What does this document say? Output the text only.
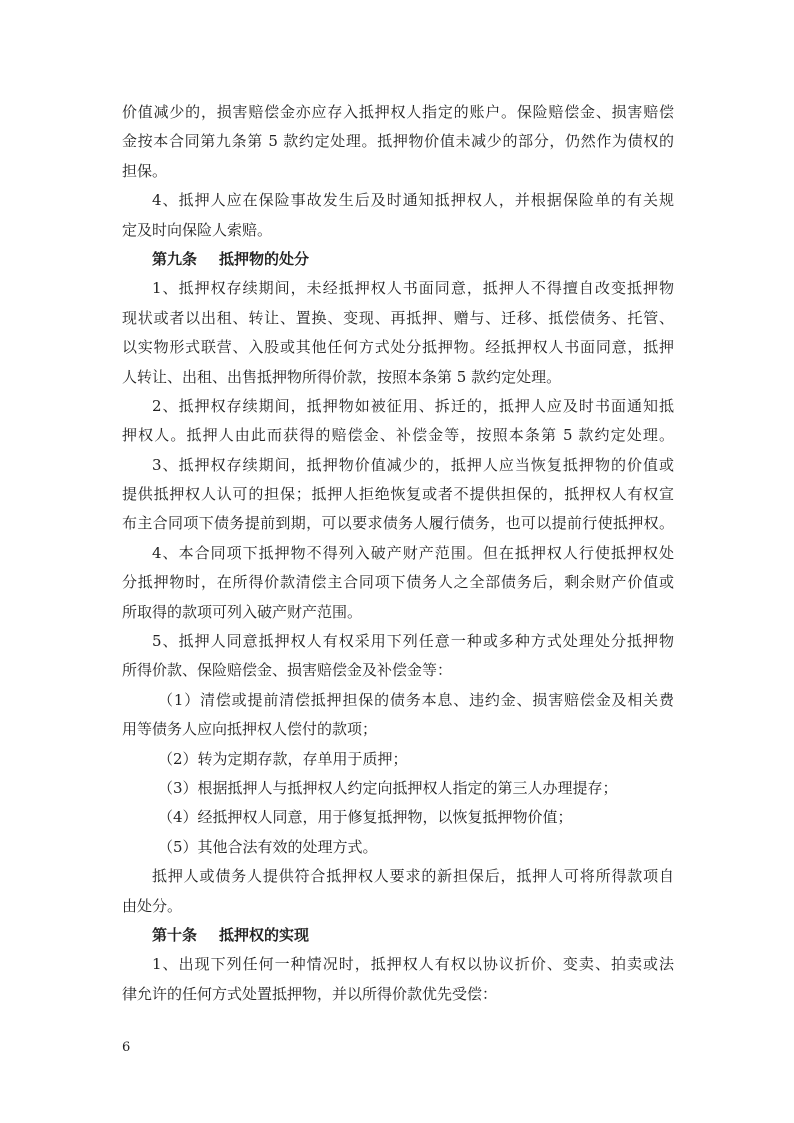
价值减少的，损害赔偿金亦应存入抵押权人指定的账户。保险赔偿金、损害赔偿
金按本合同第九条第 5 款约定处理。抵押物价值未减少的部分，仍然作为债权的
担保。
4、抵押人应在保险事故发生后及时通知抵押权人，并根据保险单的有关规
定及时向保险人索赔。
第九条 抵押物的处分
1、抵押权存续期间，未经抵押权人书面同意，抵押人不得擅自改变抵押物
现状或者以出租、转让、置换、变现、再抵押、赠与、迁移、抵偿债务、托管、
以实物形式联营、入股或其他任何方式处分抵押物。经抵押权人书面同意，抵押
人转让、出租、出售抵押物所得价款，按照本条第 5 款约定处理。
2、抵押权存续期间，抵押物如被征用、拆迁的，抵押人应及时书面通知抵
押权人。抵押人由此而获得的赔偿金、补偿金等，按照本条第 5 款约定处理。
3、抵押权存续期间，抵押物价值减少的，抵押人应当恢复抵押物的价值或
提供抵押权人认可的担保；抵押人拒绝恢复或者不提供担保的，抵押权人有权宣
布主合同项下债务提前到期，可以要求债务人履行债务，也可以提前行使抵押权。
4、本合同项下抵押物不得列入破产财产范围。但在抵押权人行使抵押权处
分抵押物时，在所得价款清偿主合同项下债务人之全部债务后，剩余财产价值或
所取得的款项可列入破产财产范围。
5、抵押人同意抵押权人有权采用下列任意一种或多种方式处理处分抵押物
所得价款、保险赔偿金、损害赔偿金及补偿金等：
（1）清偿或提前清偿抵押担保的债务本息、违约金、损害赔偿金及相关费
用等债务人应向抵押权人偿付的款项；
（2）转为定期存款，存单用于质押；
（3）根据抵押人与抵押权人约定向抵押权人指定的第三人办理提存；
（4）经抵押权人同意，用于修复抵押物，以恢复抵押物价值；
（5）其他合法有效的处理方式。
抵押人或债务人提供符合抵押权人要求的新担保后，抵押人可将所得款项自
由处分。
第十条 抵押权的实现
1、出现下列任何一种情况时，抵押权人有权以协议折价、变卖、拍卖或法
律允许的任何方式处置抵押物，并以所得价款优先受偿：
6
